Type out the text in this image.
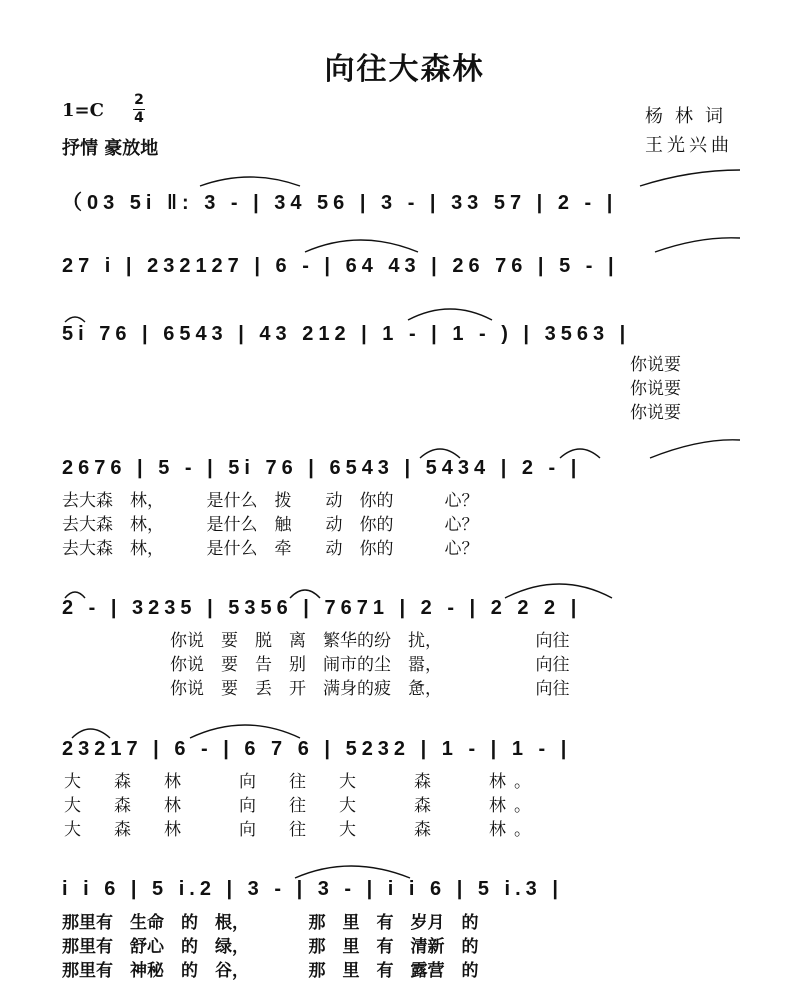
向往大森林
1=C 2
4
抒情 豪放地
杨林词
王光兴曲
（03 5i ‖: 3 - | 34 56 | 3 - | 33 57 | 2 - |
27 i | 232127 | 6 - | 64 43 | 26 76 | 5 - |
5i 76 | 6543 | 43 212 | 1 - | 1 - ) | 3563 |
2676 | 5 - | 5i 76 | 6543 | 5434 | 2 - |
2 - | 3235 | 5356 | 7671 | 2 - | 2 2 2 |
23217 | 6 - | 6 7 6 | 5232 | 1 - | 1 - |
i i 6 | 5 i.2 | 3 - | 3 - | i i 6 | 5 i.3 |
你说要
你说要
你说要
去大森　林，　　　是什么　拨　　动　你的　　　心？
去大森　林，　　　是什么　触　　动　你的　　　心？
去大森　林，　　　是什么　牵　　动　你的　　　心？
你说　要　脱　离　繁华的纷　扰，　　　　　　向往
你说　要　告　别　闹市的尘　嚣，　　　　　　向往
你说　要　丢　开　满身的疲　惫，　　　　　　向往
大　森　林　　向　往　大　　森　　林。
大　森　林　　向　往　大　　森　　林。
大　森　林　　向　往　大　　森　　林。
那里有　生命　的　根，　　　　那　里　有　岁月　的
那里有　舒心　的　绿，　　　　那　里　有　清新　的
那里有　神秘　的　谷，　　　　那　里　有　露营　的
